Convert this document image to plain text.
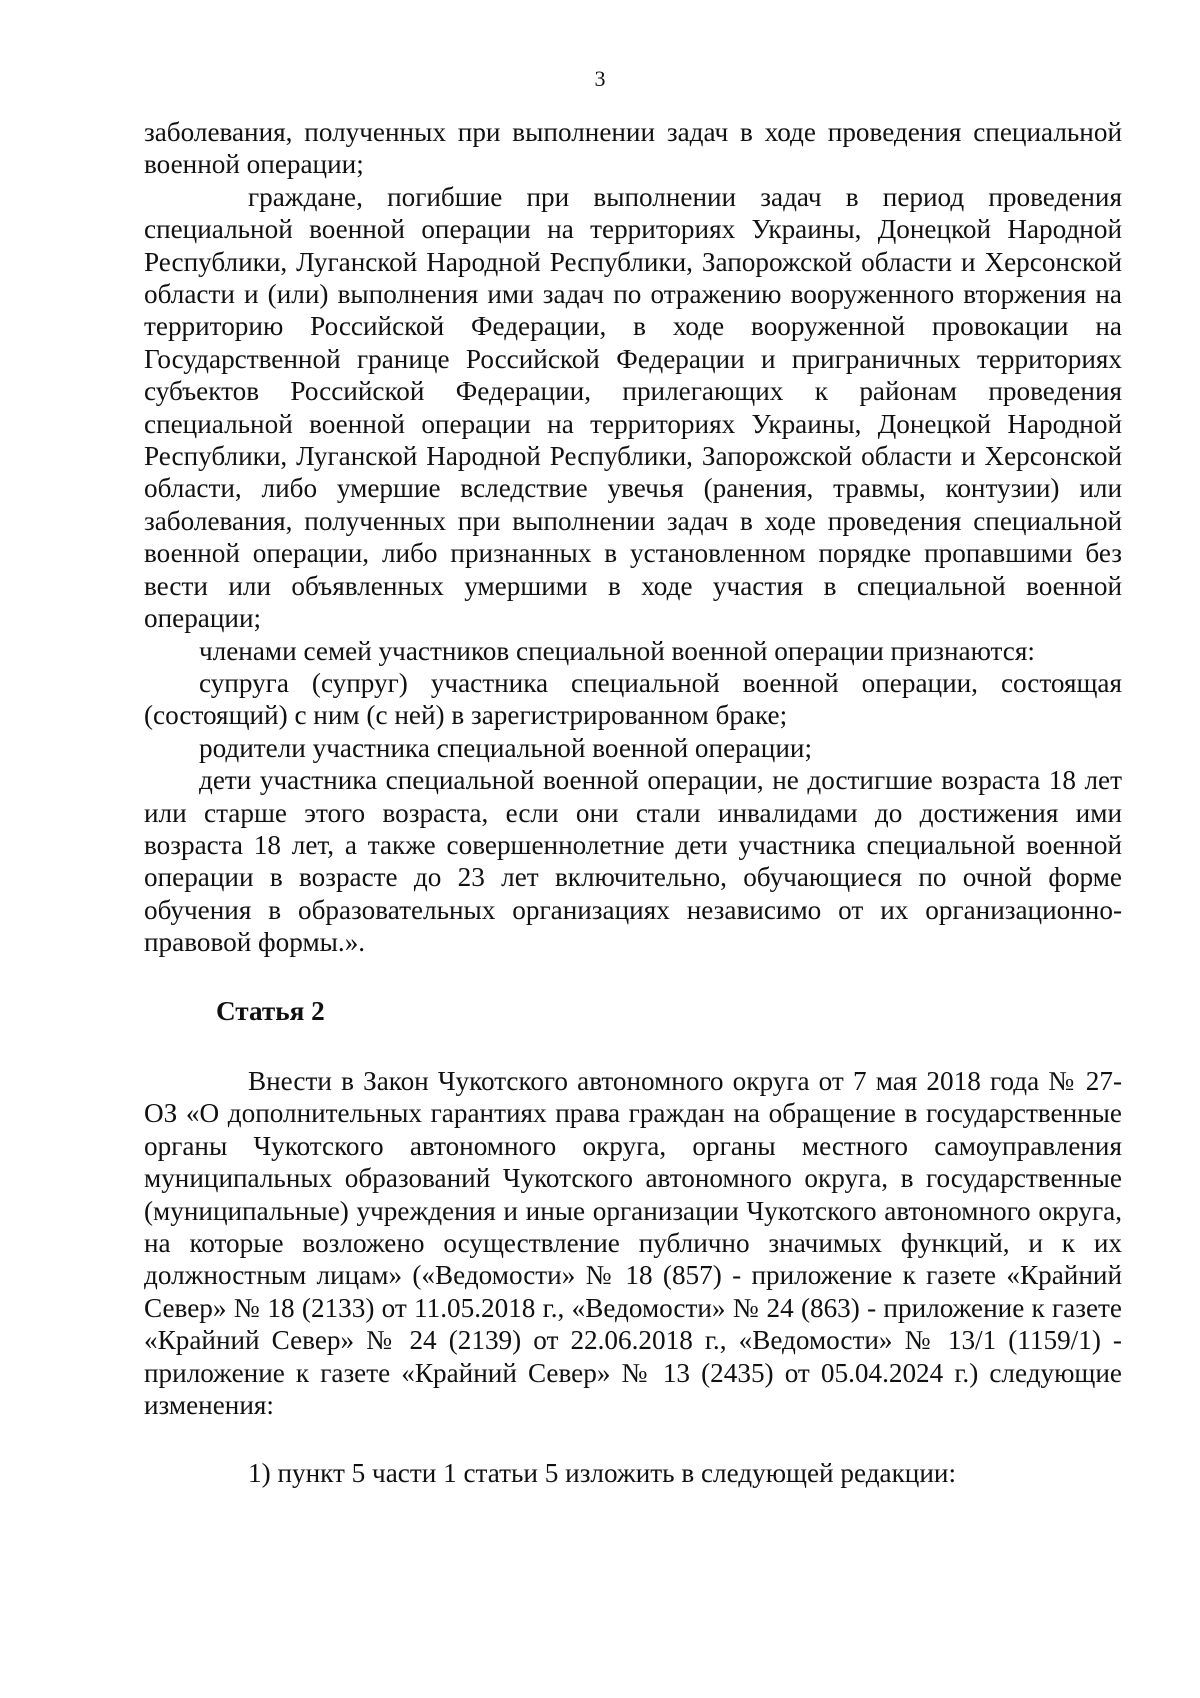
3

заболевания, полученных при выполнении задач в ходе проведения специальной военной операции;

граждане, погибшие при выполнении задач в период проведения специальной военной операции на территориях Украины, Донецкой Народной Республики, Луганской Народной Республики, Запорожской области и Херсонской области и (или) выполнения ими задач по отражению вооруженного вторжения на территорию Российской Федерации, в ходе вооруженной провокации на Государственной границе Российской Федерации и приграничных территориях субъектов Российской Федерации, прилегающих к районам проведения специальной военной операции на территориях Украины, Донецкой Народной Республики, Луганской Народной Республики, Запорожской области и Херсонской области, либо умершие вследствие увечья (ранения, травмы, контузии) или заболевания, полученных при выполнении задач в ходе проведения специальной военной операции, либо признанных в установленном порядке пропавшими без вести или объявленных умершими в ходе участия в специальной военной операции;

членами семей участников специальной военной операции признаются:

супруга (супруг) участника специальной военной операции, состоящая (состоящий) с ним (с ней) в зарегистрированном браке;

родители участника специальной военной операции;

дети участника специальной военной операции, не достигшие возраста 18 лет или старше этого возраста, если они стали инвалидами до достижения ими возраста 18 лет, а также совершеннолетние дети участника специальной военной операции в возрасте до 23 лет включительно, обучающиеся по очной форме обучения в образовательных организациях независимо от их организационно-правовой формы.».

Статья 2

Внести в Закон Чукотского автономного округа от 7 мая 2018 года № 27-ОЗ «О дополнительных гарантиях права граждан на обращение в государственные органы Чукотского автономного округа, органы местного самоуправления муниципальных образований Чукотского автономного округа, в государственные (муниципальные) учреждения и иные организации Чукотского автономного округа, на которые возложено осуществление публично значимых функций, и к их должностным лицам» («Ведомости» № 18 (857) - приложение к газете «Крайний Север» № 18 (2133) от 11.05.2018 г., «Ведомости» № 24 (863) - приложение к газете «Крайний Север» № 24 (2139) от 22.06.2018 г., «Ведомости» № 13/1 (1159/1) - приложение к газете «Крайний Север» № 13 (2435) от 05.04.2024 г.) следующие изменения:

1) пункт 5 части 1 статьи 5 изложить в следующей редакции:
